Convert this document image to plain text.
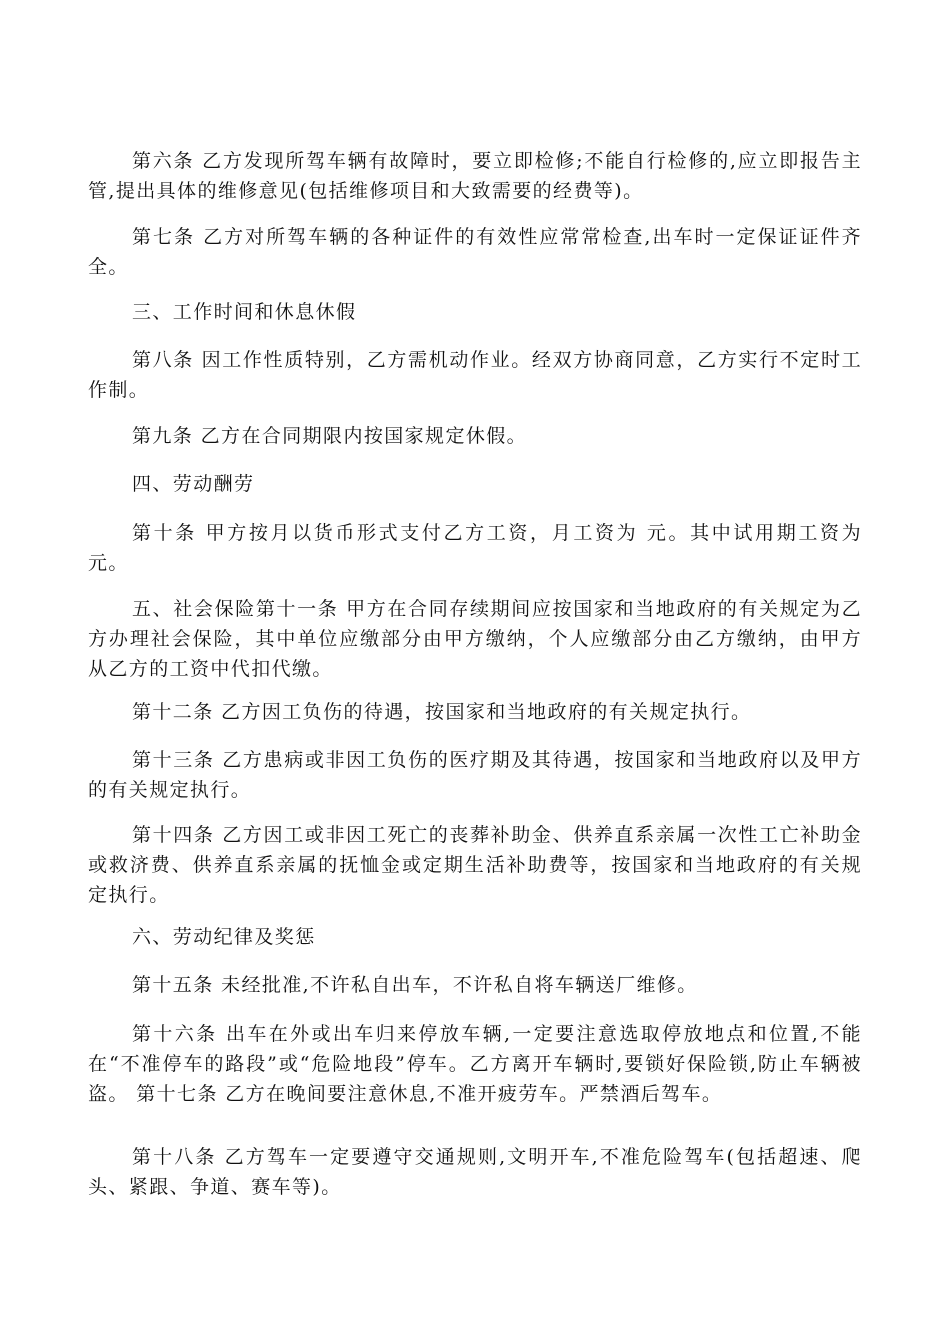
第六条 乙方发现所驾车辆有故障时，要立即检修;不能自行检修的,应立即报告主管,提出具体的维修意见(包括维修项目和大致需要的经费等)。

第七条 乙方对所驾车辆的各种证件的有效性应常常检查,出车时一定保证证件齐全。

三、工作时间和休息休假

第八条 因工作性质特别，乙方需机动作业。经双方协商同意，乙方实行不定时工作制。

第九条 乙方在合同期限内按国家规定休假。

四、劳动酬劳

第十条 甲方按月以货币形式支付乙方工资，月工资为 元。其中试用期工资为 元。

五、社会保险第十一条 甲方在合同存续期间应按国家和当地政府的有关规定为乙方办理社会保险，其中单位应缴部分由甲方缴纳，个人应缴部分由乙方缴纳，由甲方从乙方的工资中代扣代缴。

第十二条 乙方因工负伤的待遇，按国家和当地政府的有关规定执行。

第十三条 乙方患病或非因工负伤的医疗期及其待遇，按国家和当地政府以及甲方的有关规定执行。

第十四条 乙方因工或非因工死亡的丧葬补助金、供养直系亲属一次性工亡补助金或救济费、供养直系亲属的抚恤金或定期生活补助费等，按国家和当地政府的有关规定执行。

六、劳动纪律及奖惩

第十五条 未经批准,不许私自出车，不许私自将车辆送厂维修。

第十六条 出车在外或出车归来停放车辆,一定要注意选取停放地点和位置,不能在“不准停车的路段”或“危险地段”停车。乙方离开车辆时,要锁好保险锁,防止车辆被盗。 第十七条 乙方在晚间要注意休息,不准开疲劳车。严禁酒后驾车。

第十八条 乙方驾车一定要遵守交通规则,文明开车,不准危险驾车(包括超速、爬头、紧跟、争道、赛车等)。
